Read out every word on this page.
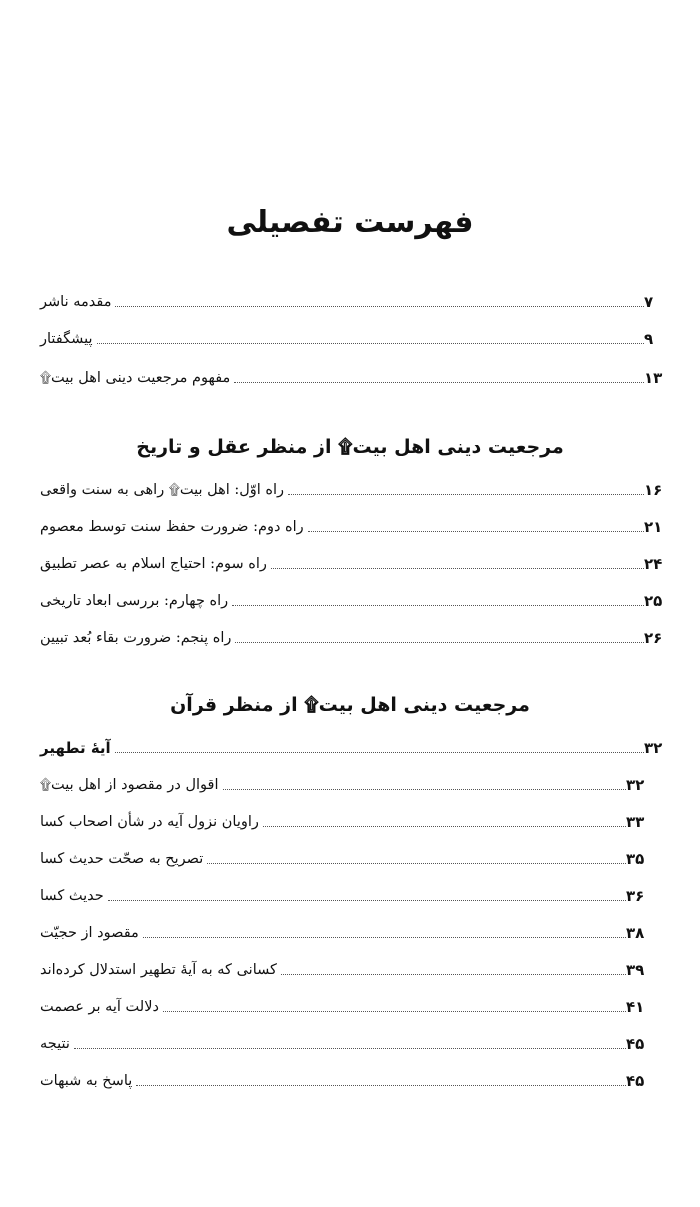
فهرست تفصیلی
مقدمه ناشر	۷
پیشگفتار	۹
مفهوم مرجعیت دینی اهل بیت۩	۱۳
مرجعیت دینی اهل بیت۩ از منظر عقل و تاریخ
راه اوّل: اهل بیت۩ راهی به سنت واقعی	۱۶
راه دوم: ضرورت حفظ سنت توسط معصوم	۲۱
راه سوم: احتیاج اسلام به عصر تطبیق	۲۴
راه چهارم: بررسی ابعاد تاریخی	۲۵
راه پنجم: ضرورت بقاء بُعد تبیین	۲۶
مرجعیت دینی اهل بیت۩ از منظر قرآن
آیهٔ تطهیر	۳۲
اقوال در مقصود از اهل بیت۩	۳۲
راویان نزول آیه در شأن اصحاب کسا	۳۳
تصریح به صحّت حدیث کسا	۳۵
حدیث کسا	۳۶
مقصود از حجیّت	۳۸
کسانی که به آیهٔ تطهیر استدلال کرده‌اند	۳۹
دلالت آیه بر عصمت	۴۱
نتیجه	۴۵
پاسخ به شبهات	۴۵
